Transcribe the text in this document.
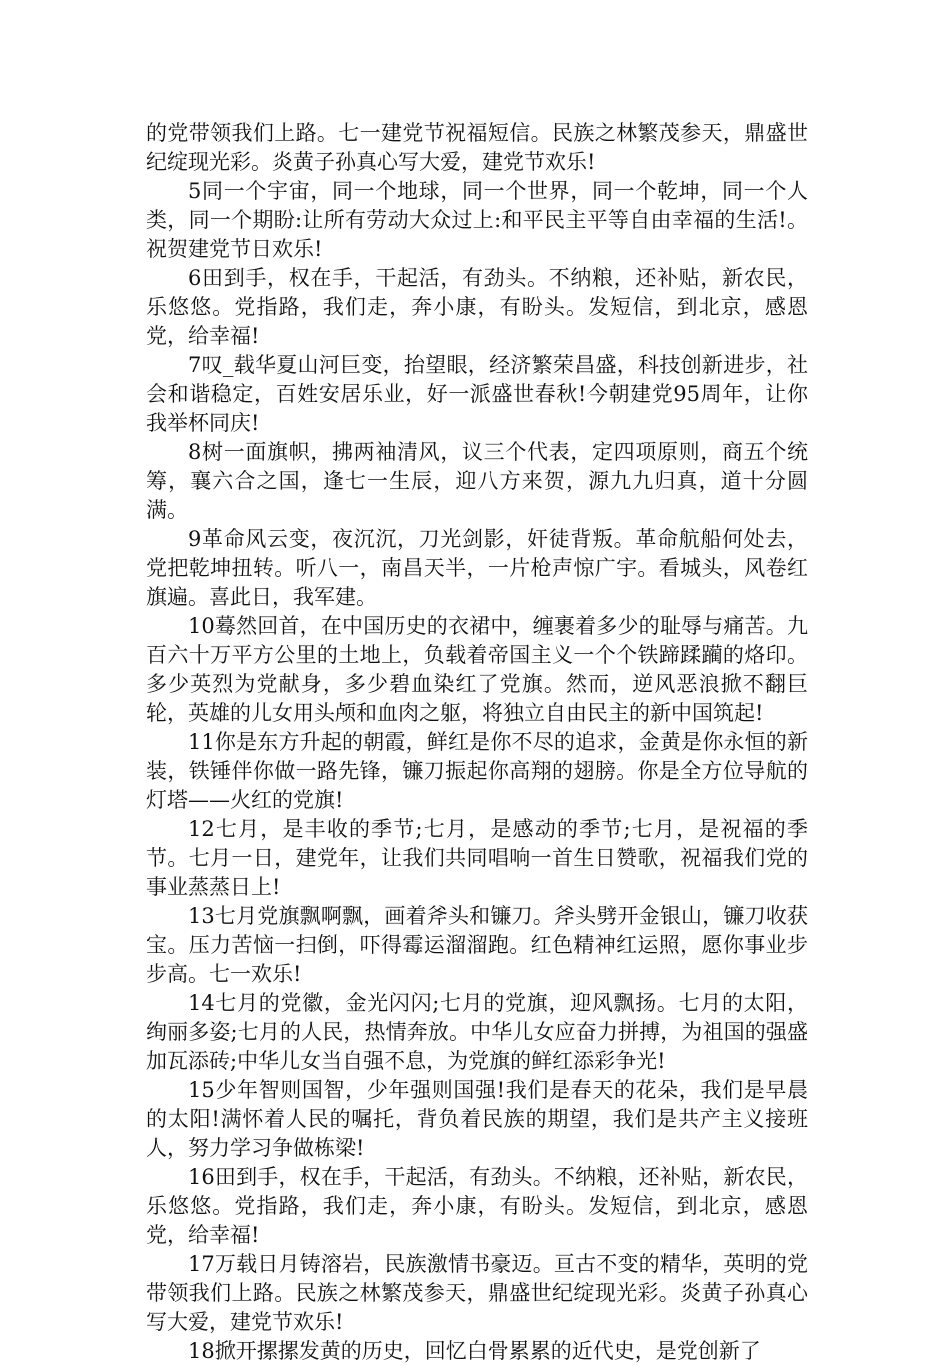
的党带领我们上路。七一建党节祝福短信。民族之林繁茂参天，鼎盛世纪绽现光彩。炎黄子孙真心写大爱，建党节欢乐!

5同一个宇宙，同一个地球，同一个世界，同一个乾坤，同一个人类，同一个期盼:让所有劳动大众过上:和平民主平等自由幸福的生活!。祝贺建党节日欢乐!

6田到手，权在手，干起活，有劲头。不纳粮，还补贴，新农民，乐悠悠。党指路，我们走，奔小康，有盼头。发短信，到北京，感恩党，给幸福!

7叹_载华夏山河巨变，抬望眼，经济繁荣昌盛，科技创新进步，社会和谐稳定，百姓安居乐业，好一派盛世春秋!今朝建党95周年，让你我举杯同庆!

8树一面旗帜，拂两袖清风，议三个代表，定四项原则，商五个统筹，襄六合之国，逢七一生辰，迎八方来贺，源九九归真，道十分圆满。

9革命风云变，夜沉沉，刀光剑影，奸徒背叛。革命航船何处去，党把乾坤扭转。听八一，南昌天半，一片枪声惊广宇。看城头，风卷红旗遍。喜此日，我军建。

10蓦然回首，在中国历史的衣裙中，缠裹着多少的耻辱与痛苦。九百六十万平方公里的土地上，负载着帝国主义一个个铁蹄蹂躏的烙印。多少英烈为党献身，多少碧血染红了党旗。然而，逆风恶浪掀不翻巨轮，英雄的儿女用头颅和血肉之躯，将独立自由民主的新中国筑起!

11你是东方升起的朝霞，鲜红是你不尽的追求，金黄是你永恒的新装，铁锤伴你做一路先锋，镰刀振起你高翔的翅膀。你是全方位导航的灯塔——火红的党旗!

12七月，是丰收的季节;七月，是感动的季节;七月，是祝福的季节。七月一日，建党年，让我们共同唱响一首生日赞歌，祝福我们党的事业蒸蒸日上!

13七月党旗飘啊飘，画着斧头和镰刀。斧头劈开金银山，镰刀收获宝。压力苦恼一扫倒，吓得霉运溜溜跑。红色精神红运照，愿你事业步步高。七一欢乐!

14七月的党徽，金光闪闪;七月的党旗，迎风飘扬。七月的太阳，绚丽多姿;七月的人民，热情奔放。中华儿女应奋力拼搏，为祖国的强盛加瓦添砖;中华儿女当自强不息，为党旗的鲜红添彩争光!

15少年智则国智，少年强则国强!我们是春天的花朵，我们是早晨的太阳!满怀着人民的嘱托，背负着民族的期望，我们是共产主义接班人，努力学习争做栋梁!

16田到手，权在手，干起活，有劲头。不纳粮，还补贴，新农民，乐悠悠。党指路，我们走，奔小康，有盼头。发短信，到北京，感恩党，给幸福!

17万载日月铸溶岩，民族激情书豪迈。亘古不变的精华，英明的党带领我们上路。民族之林繁茂参天，鼎盛世纪绽现光彩。炎黄子孙真心写大爱，建党节欢乐!

18掀开摞摞发黄的历史，回忆白骨累累的近代史，是党创新了
